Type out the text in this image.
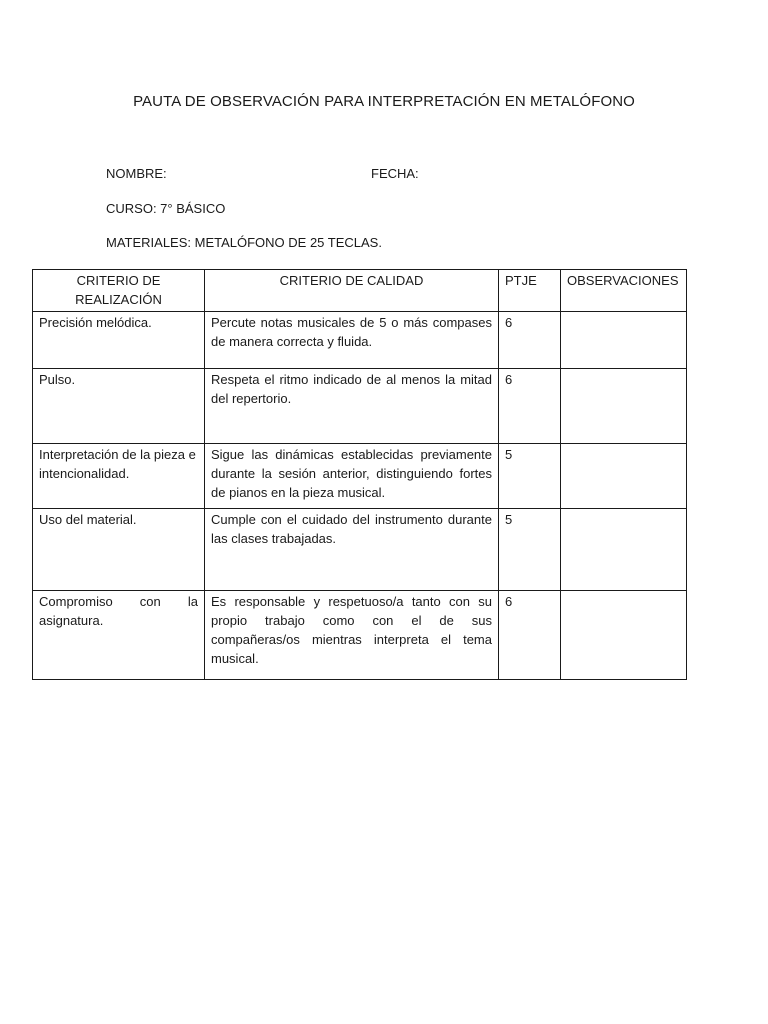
PAUTA DE OBSERVACIÓN PARA INTERPRETACIÓN EN METALÓFONO
NOMBRE:	FECHA:
CURSO: 7° BÁSICO
MATERIALES: METALÓFONO DE 25 TECLAS.
CRITERIO DE REALIZACIÓN	CRITERIO DE CALIDAD	PTJE	OBSERVACIONES
Precisión melódica.	Percute notas musicales de 5 o más compases de manera correcta y fluida.	6	
Pulso.	Respeta el ritmo indicado de al menos la mitad del repertorio.	6	
Interpretación de la pieza e intencionalidad.	Sigue las dinámicas establecidas previamente durante la sesión anterior, distinguiendo fortes de pianos en la pieza musical.	5	
Uso del material.	Cumple con el cuidado del instrumento durante las clases trabajadas.	5	
Compromiso con la asignatura.	Es responsable y respetuoso/a tanto con su propio trabajo como con el de sus compañeras/os mientras interpreta el tema musical.	6	
